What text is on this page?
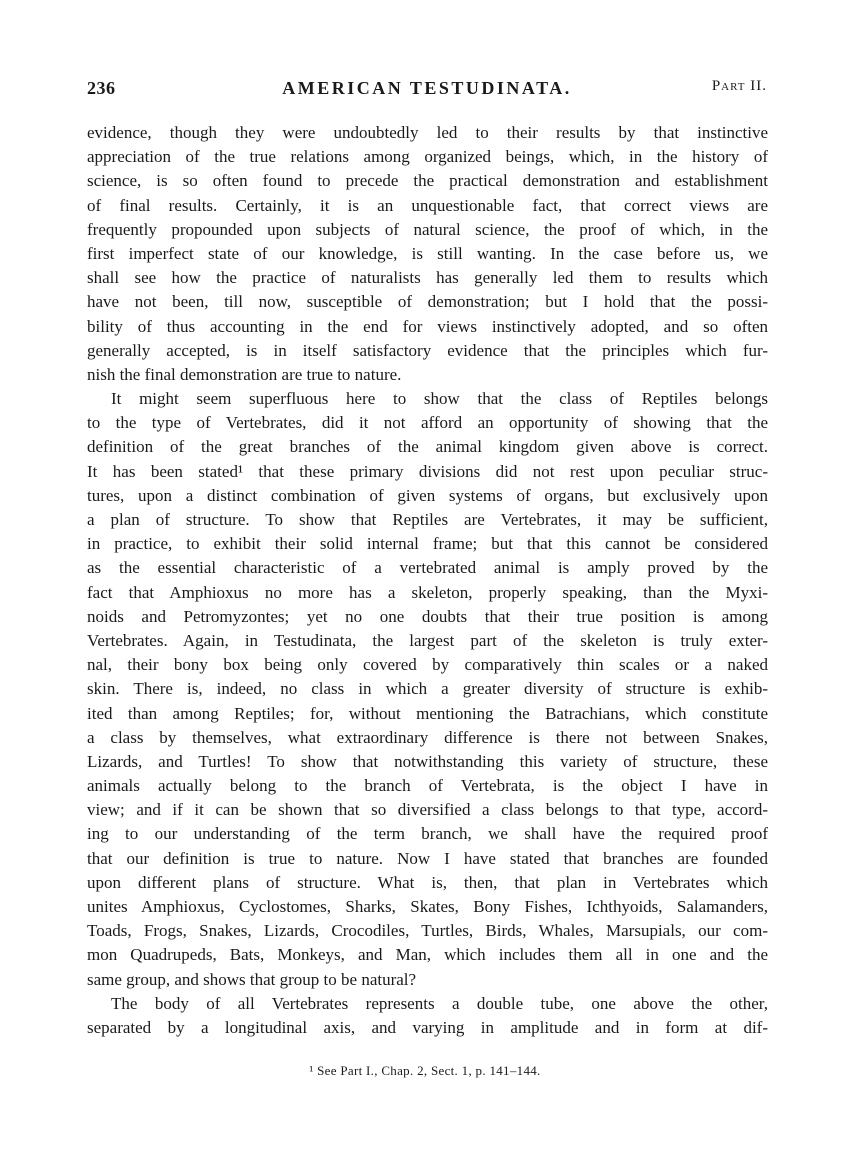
236	AMERICAN TESTUDINATA.	Part II.
evidence, though they were undoubtedly led to their results by that instinctive
appreciation of the true relations among organized beings, which, in the history of
science, is so often found to precede the practical demonstration and establishment
of final results. Certainly, it is an unquestionable fact, that correct views are
frequently propounded upon subjects of natural science, the proof of which, in the
first imperfect state of our knowledge, is still wanting. In the case before us, we
shall see how the practice of naturalists has generally led them to results which
have not been, till now, susceptible of demonstration; but I hold that the possi-
bility of thus accounting in the end for views instinctively adopted, and so often
generally accepted, is in itself satisfactory evidence that the principles which fur-
nish the final demonstration are true to nature.
It might seem superfluous here to show that the class of Reptiles belongs
to the type of Vertebrates, did it not afford an opportunity of showing that the
definition of the great branches of the animal kingdom given above is correct.
It has been stated¹ that these primary divisions did not rest upon peculiar struc-
tures, upon a distinct combination of given systems of organs, but exclusively upon
a plan of structure. To show that Reptiles are Vertebrates, it may be sufficient,
in practice, to exhibit their solid internal frame; but that this cannot be considered
as the essential characteristic of a vertebrated animal is amply proved by the
fact that Amphioxus no more has a skeleton, properly speaking, than the Myxi-
noids and Petromyzontes; yet no one doubts that their true position is among
Vertebrates. Again, in Testudinata, the largest part of the skeleton is truly exter-
nal, their bony box being only covered by comparatively thin scales or a naked
skin. There is, indeed, no class in which a greater diversity of structure is exhib-
ited than among Reptiles; for, without mentioning the Batrachians, which constitute
a class by themselves, what extraordinary difference is there not between Snakes,
Lizards, and Turtles! To show that notwithstanding this variety of structure, these
animals actually belong to the branch of Vertebrata, is the object I have in
view; and if it can be shown that so diversified a class belongs to that type, accord-
ing to our understanding of the term branch, we shall have the required proof
that our definition is true to nature. Now I have stated that branches are founded
upon different plans of structure. What is, then, that plan in Vertebrates which
unites Amphioxus, Cyclostomes, Sharks, Skates, Bony Fishes, Ichthyoids, Salamanders,
Toads, Frogs, Snakes, Lizards, Crocodiles, Turtles, Birds, Whales, Marsupials, our com-
mon Quadrupeds, Bats, Monkeys, and Man, which includes them all in one and the
same group, and shows that group to be natural?
The body of all Vertebrates represents a double tube, one above the other,
separated by a longitudinal axis, and varying in amplitude and in form at dif-
¹ See Part I., Chap. 2, Sect. 1, p. 141–144.
